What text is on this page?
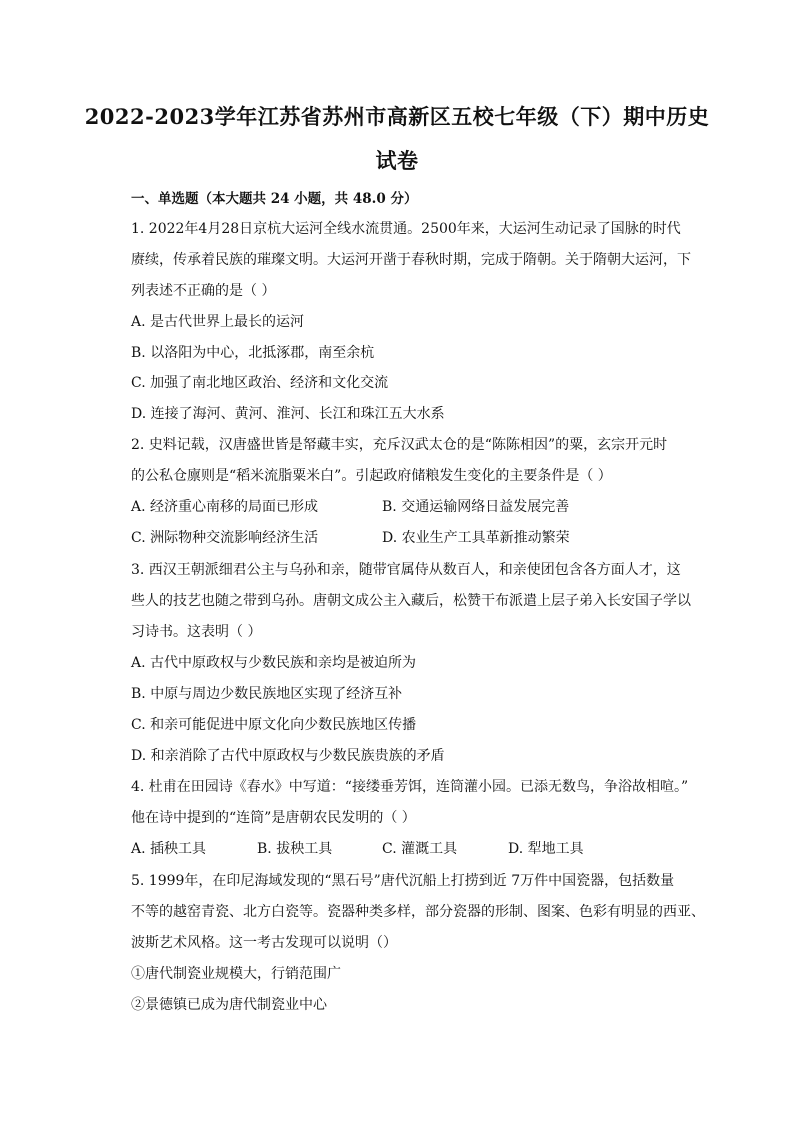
2022-2023学年江苏省苏州市高新区五校七年级（下）期中历史
试卷
一、单选题（本大题共 24 小题，共 48.0 分）
1. 2022年4月28日京杭大运河全线水流贯通。2500年来，大运河生动记录了国脉的时代
赓续，传承着民族的璀璨文明。大运河开凿于春秋时期，完成于隋朝。关于隋朝大运河，下
列表述不正确的是（ ）
A. 是古代世界上最长的运河
B. 以洛阳为中心，北抵涿郡，南至余杭
C. 加强了南北地区政治、经济和文化交流
D. 连接了海河、黄河、淮河、长江和珠江五大水系
2. 史料记载，汉唐盛世皆是帑藏丰实，充斥汉武太仓的是“陈陈相因”的粟，玄宗开元时
的公私仓廪则是“稻米流脂粟米白”。引起政府储粮发生变化的主要条件是（ ）
A. 经济重心南移的局面已形成	B. 交通运输网络日益发展完善
C. 洲际物种交流影响经济生活	D. 农业生产工具革新推动繁荣
3. 西汉王朝派细君公主与乌孙和亲，随带官属侍从数百人，和亲使团包含各方面人才，这
些人的技艺也随之带到乌孙。唐朝文成公主入藏后，松赞干布派遣上层子弟入长安国子学以
习诗书。这表明（ ）
A. 古代中原政权与少数民族和亲均是被迫所为
B. 中原与周边少数民族地区实现了经济互补
C. 和亲可能促进中原文化向少数民族地区传播
D. 和亲消除了古代中原政权与少数民族贵族的矛盾
4. 杜甫在田园诗《春水》中写道：“接缕垂芳饵，连筒灌小园。已添无数鸟，争浴故相喧。”
他在诗中提到的“连筒”是唐朝农民发明的（ ）
A. 插秧工具	B. 拔秧工具	C. 灌溉工具	D. 犁地工具
5. 1999年，在印尼海域发现的“黑石号”唐代沉船上打捞到近 7万件中国瓷器，包括数量
不等的越窑青瓷、北方白瓷等。瓷器种类多样，部分瓷器的形制、图案、色彩有明显的西亚、
波斯艺术风格。这一考古发现可以说明（）
①唐代制瓷业规模大，行销范围广
②景德镇已成为唐代制瓷业中心
